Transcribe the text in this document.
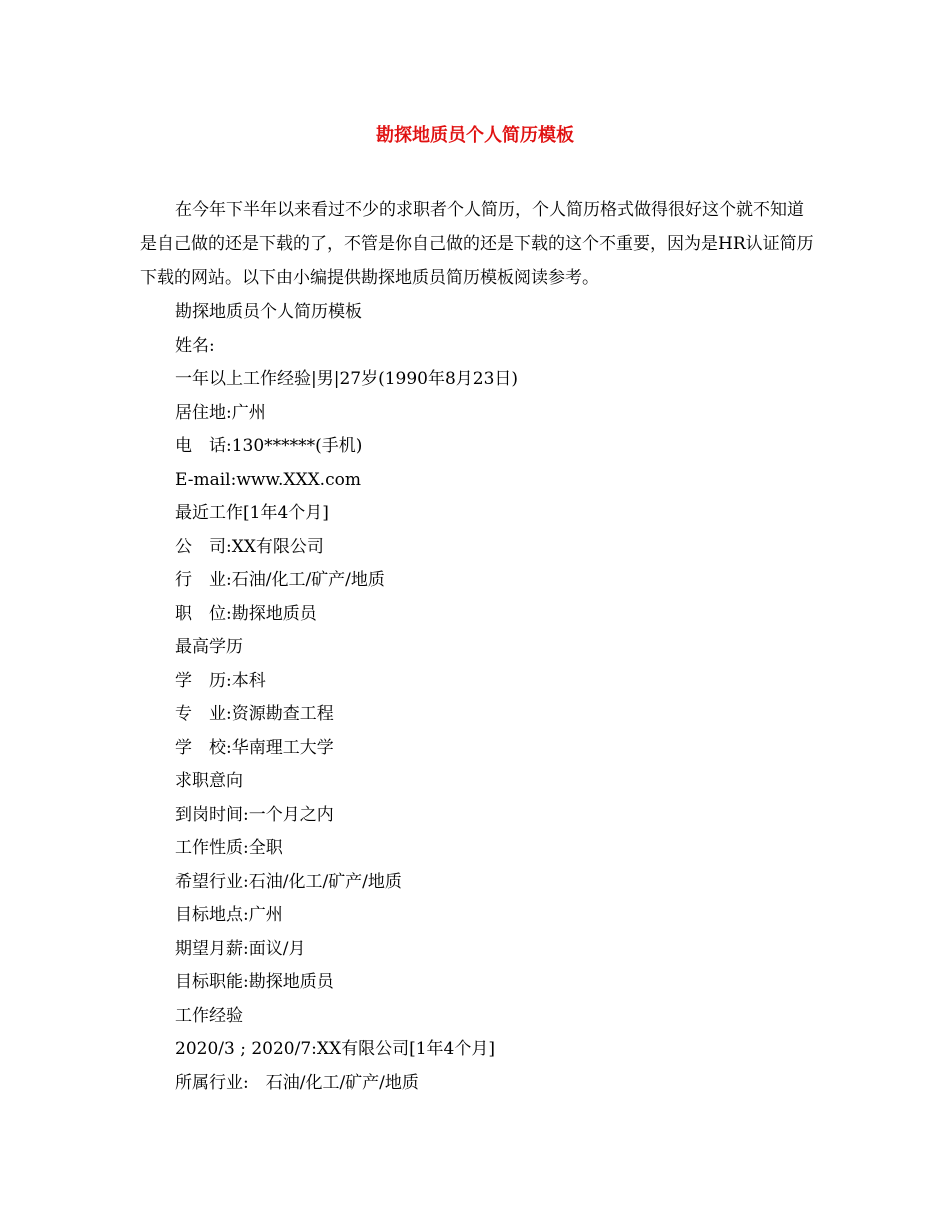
勘探地质员个人简历模板
在今年下半年以来看过不少的求职者个人简历，个人简历格式做得很好这个就不知道是自己做的还是下载的了，不管是你自己做的还是下载的这个不重要，因为是HR认证简历下载的网站。以下由小编提供勘探地质员简历模板阅读参考。
勘探地质员个人简历模板
姓名:
一年以上工作经验|男|27岁(1990年8月23日)
居住地:广州
电　话:130******(手机)
E-mail:www.XXX.com
最近工作[1年4个月]
公　司:XX有限公司
行　业:石油/化工/矿产/地质
职　位:勘探地质员
最高学历
学　历:本科
专　业:资源勘查工程
学　校:华南理工大学
求职意向
到岗时间:一个月之内
工作性质:全职
希望行业:石油/化工/矿产/地质
目标地点:广州
期望月薪:面议/月
目标职能:勘探地质员
工作经验
2020/3 ; 2020/7:XX有限公司[1年4个月]
所属行业:　石油/化工/矿产/地质
